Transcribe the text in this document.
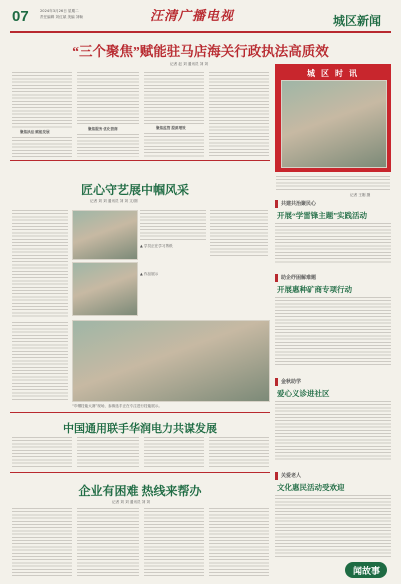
07	2024年3月26日 星期二
责任编辑 刘红斌 美编 刘畅	汪清广播电视	城区新闻
“三个聚焦”赋能驻马店海关行政执法高质效
记者 赵 刘 通讯员 刘 刘
聚焦执法 赋能发展
聚焦服务 优化营商	聚焦监管 提质增效
城 区 时 讯
记者 王刚 摄
匠心守艺展中帼风采
记者 刘 刘 通讯员 刘 刘 文/图
▲ 学员正在学习剪纸
▲ 作品展示
“巾帼技能大赛”现场，参赛选手正在专注进行技能展示。
中国通用联手华润电力共谋发展
企业有困难 热线来帮办
记者 刘 刘 通讯员 刘 刘
共建共治聚民心
开展“学雷锋主题”实践活动
助企纾困解难题
开展惠种矿商专项行动
金秋助学
爱心义诊进社区
关爱老人
文化惠民活动受欢迎
闻故事
